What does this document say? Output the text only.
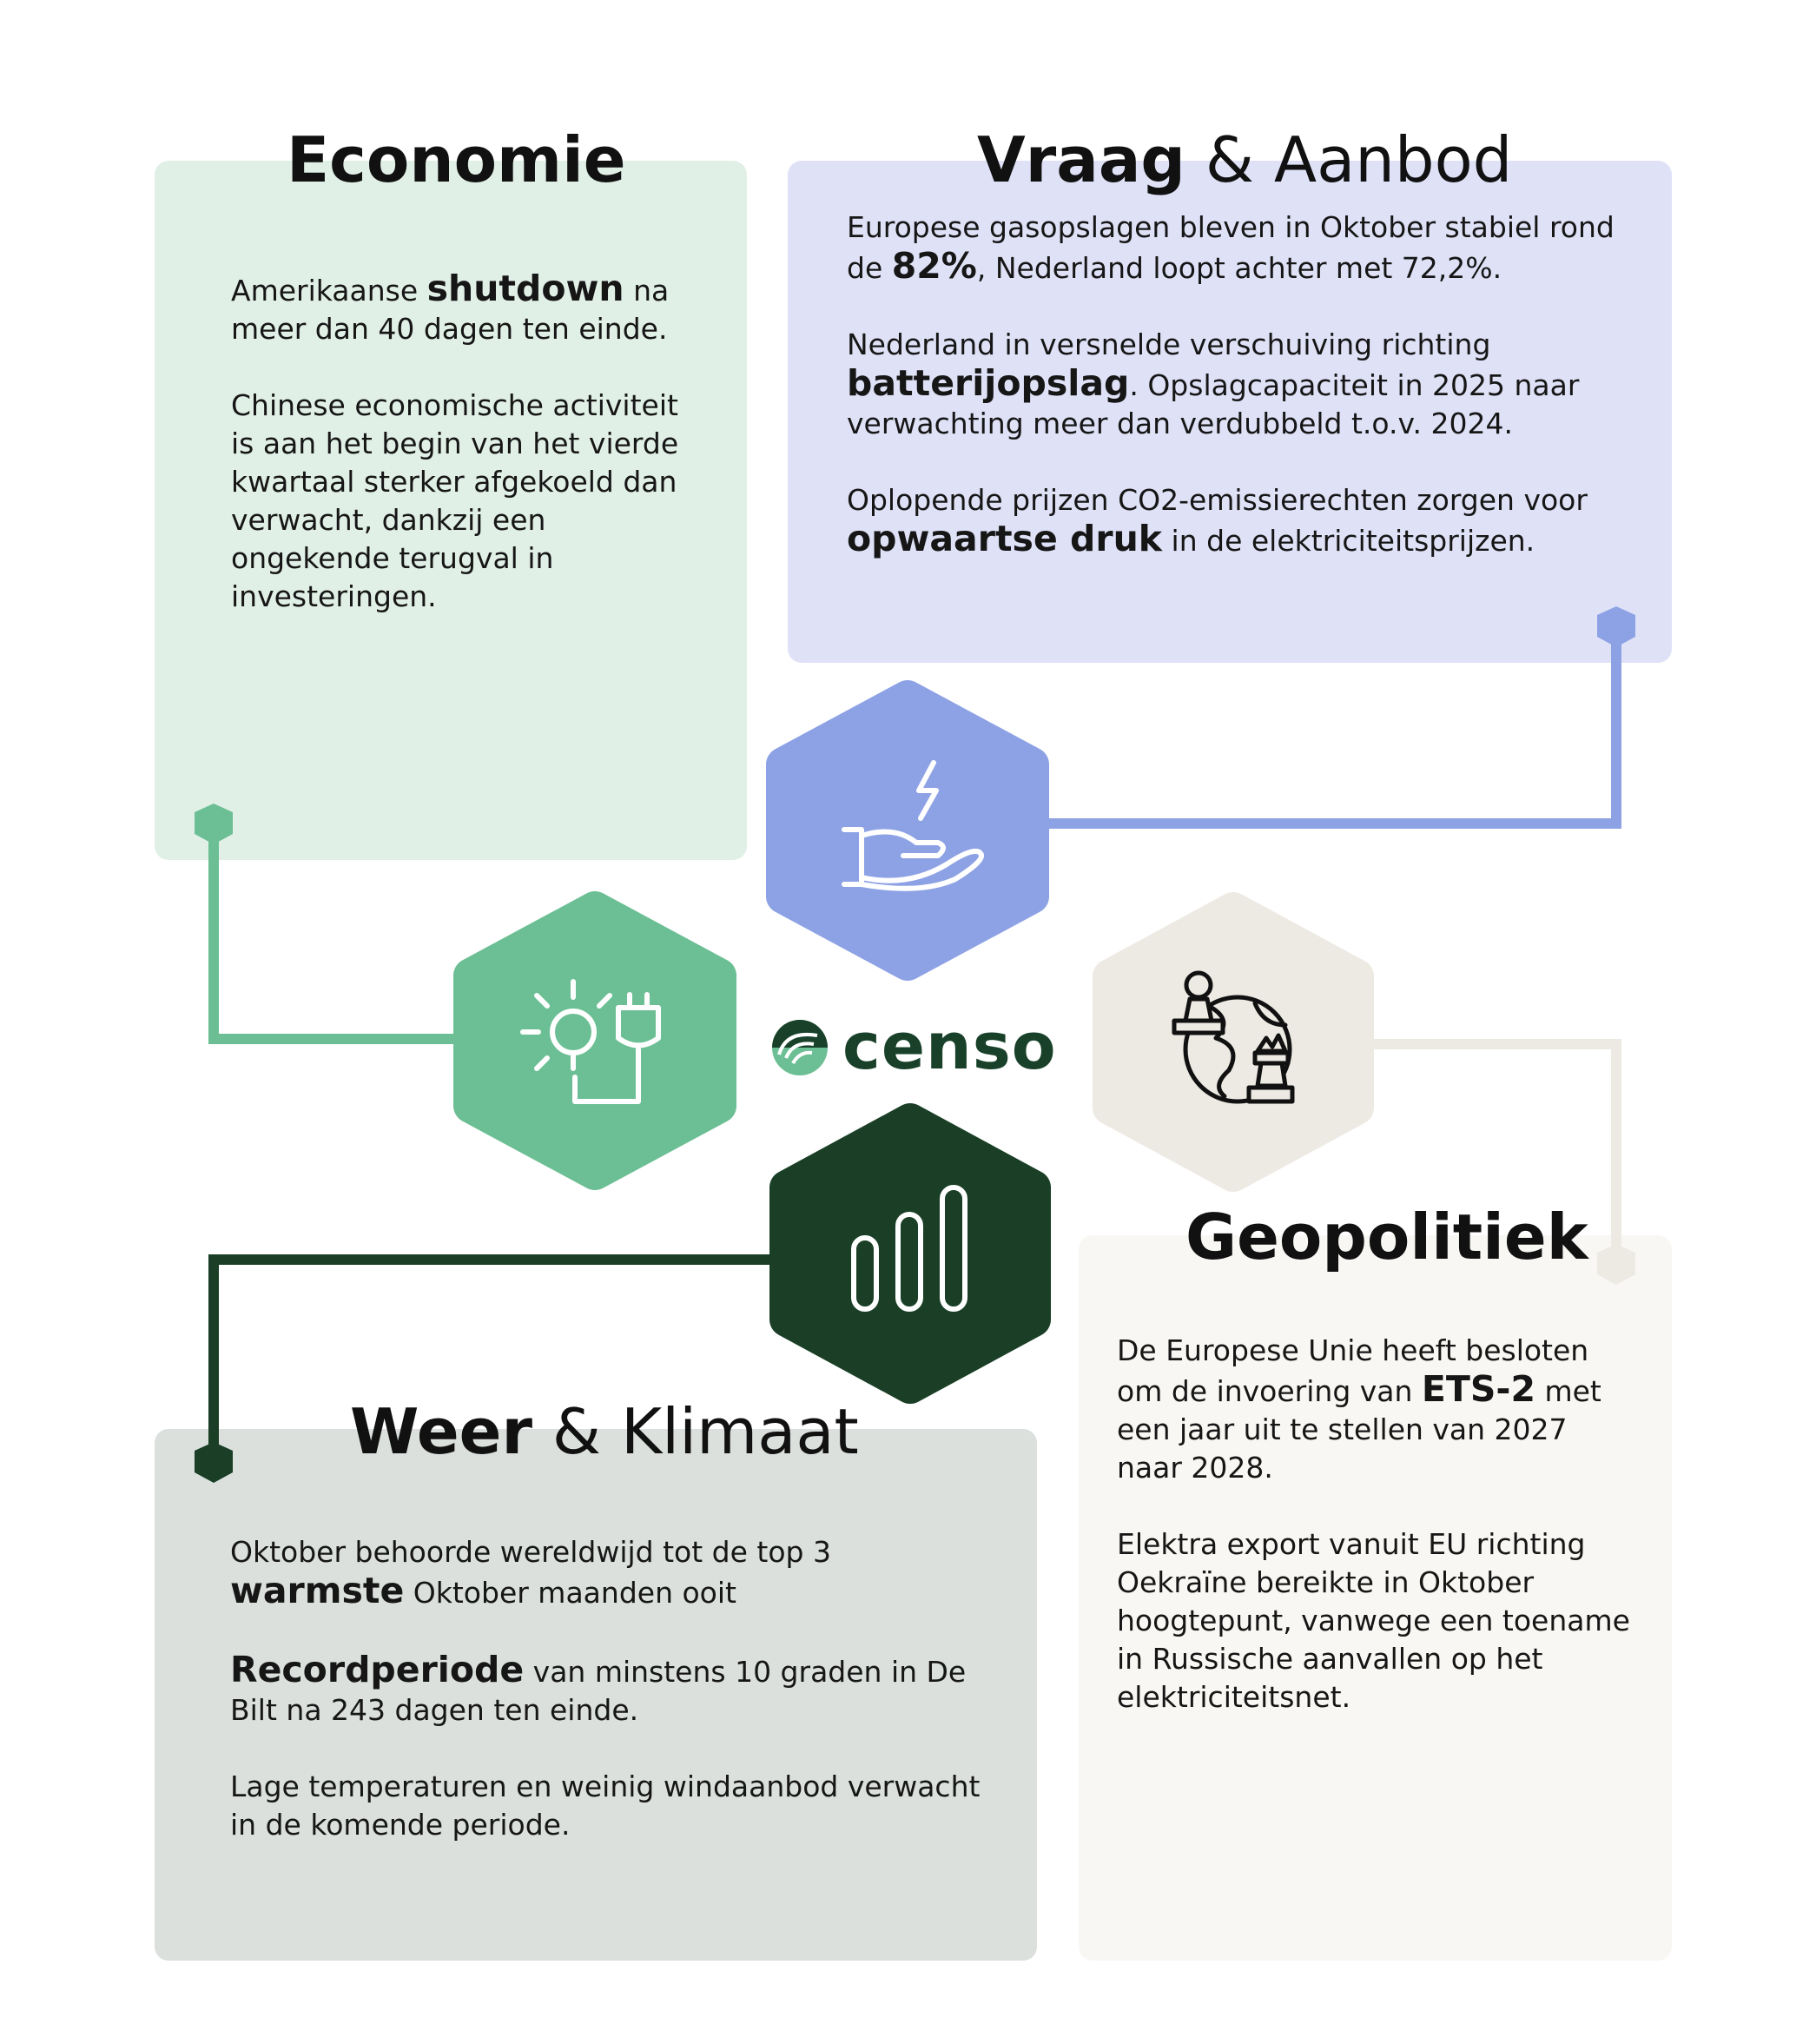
censo
Economie	Vraag & Aanbod
Weer & Klimaat
Geopolitiek

Amerikaanse shutdown na meer dan 40 dagen ten einde.

Chinese economische activiteit is aan het begin van het vierde kwartaal sterker afgekoeld dan verwacht, dankzij een ongekende terugval in investeringen.

Europese gasopslagen bleven in Oktober stabiel rond de 82%, Nederland loopt achter met 72,2%.

Nederland in versnelde verschuiving richting batterijopslag. Opslagcapaciteit in 2025 naar verwachting meer dan verdubbeld t.o.v. 2024.

Oplopende prijzen CO2-emissierechten zorgen voor opwaartse druk in de elektriciteitsprijzen.

Oktober behoorde wereldwijd tot de top 3 warmste Oktober maanden ooit

Recordperiode van minstens 10 graden in De Bilt na 243 dagen ten einde.

Lage temperaturen en weinig windaanbod verwacht in de komende periode.

De Europese Unie heeft besloten om de invoering van ETS-2 met een jaar uit te stellen van 2027 naar 2028.

Elektra export vanuit EU richting Oekraïne bereikte in Oktober hoogtepunt, vanwege een toename in Russische aanvallen op het elektriciteitsnet.
